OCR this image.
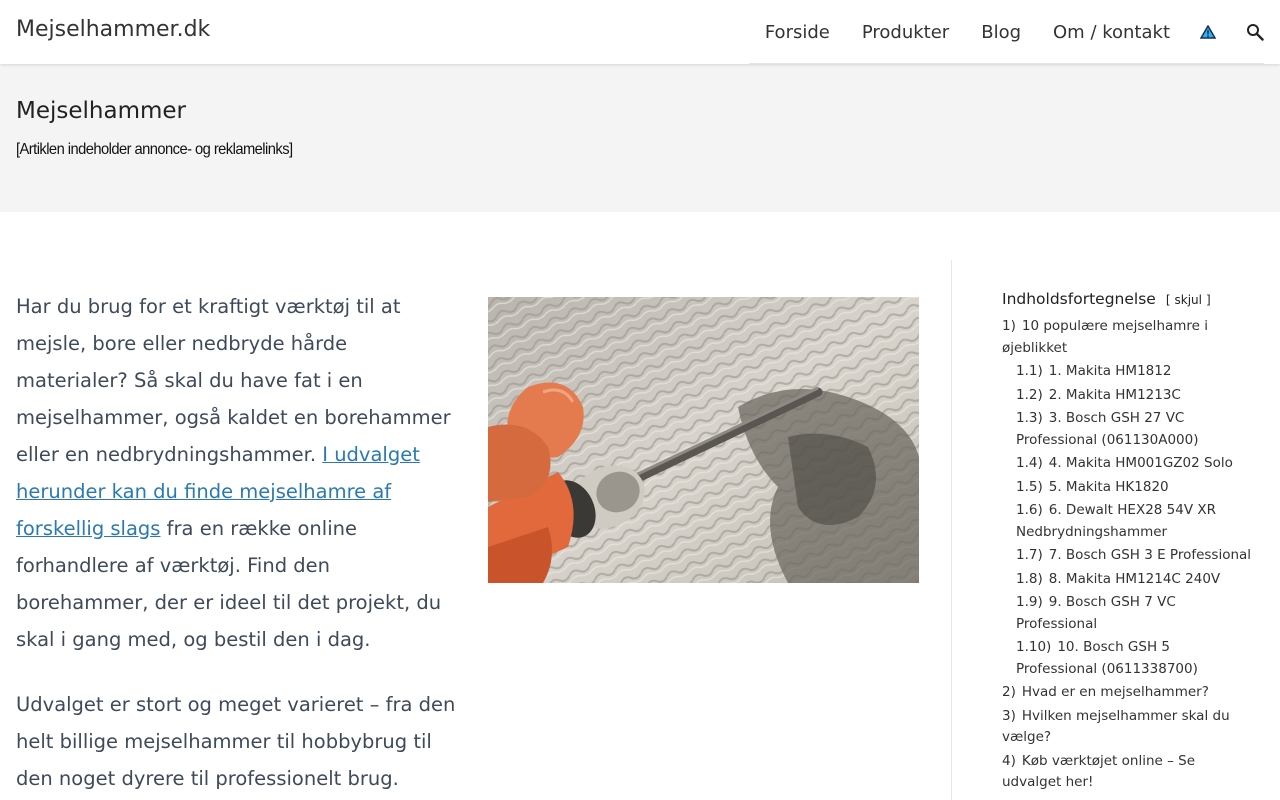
Mejselhammer.dk	Forside Produkter Blog Om / kontakt
Mejselhammer
[Artiklen indeholder annonce- og reklamelinks]

Har du brug for et kraftigt værktøj til at mejsle, bore eller nedbryde hårde materialer? Så skal du have fat i en mejselhammer, også kaldet en borehammer eller en nedbrydningshammer. I udvalget herunder kan du finde mejselhamre af forskellig slags fra en række online forhandlere af værktøj. Find den borehammer, der er ideel til det projekt, du skal i gang med, og bestil den i dag.

Udvalget er stort og meget varieret – fra den helt billige mejselhammer til hobbybrug til den noget dyrere til professionelt brug.

Indholdsfortegnelse [ skjul ]
1) 10 populære mejselhamre i øjeblikket
1.1) 1. Makita HM1812
1.2) 2. Makita HM1213C
1.3) 3. Bosch GSH 27 VC Professional (061130A000)
1.4) 4. Makita HM001GZ02 Solo
1.5) 5. Makita HK1820
1.6) 6. Dewalt HEX28 54V XR Nedbrydningshammer
1.7) 7. Bosch GSH 3 E Professional
1.8) 8. Makita HM1214C 240V
1.9) 9. Bosch GSH 7 VC Professional
1.10) 10. Bosch GSH 5 Professional (0611338700)
2) Hvad er en mejselhammer?
3) Hvilken mejselhammer skal du vælge?
4) Køb værktøjet online – Se udvalget her!
